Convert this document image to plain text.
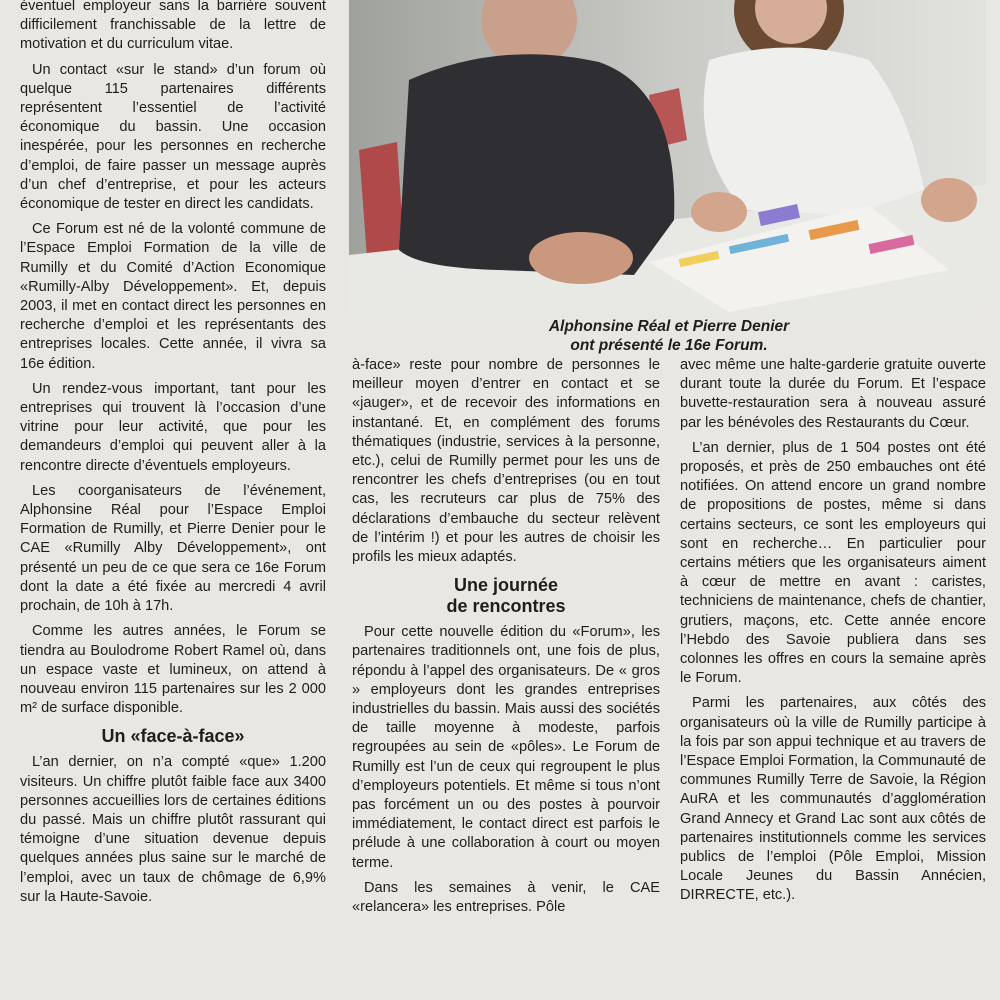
éventuel employeur sans la barrière souvent difficilement franchissable de la lettre de motivation et du curriculum vitae.

Un contact «sur le stand» d’un forum où quelque 115 partenaires différents représentent l’essentiel de l’activité économique du bassin. Une occasion inespérée, pour les personnes en recherche d’emploi, de faire passer un message auprès d’un chef d’entreprise, et pour les acteurs économique de tester en direct les candidats.

Ce Forum est né de la volonté commune de l’Espace Emploi Formation de la ville de Rumilly et du Comité d’Action Economique «Rumilly-Alby Développement». Et, depuis 2003, il met en contact direct les personnes en recherche d’emploi et les représentants des entreprises locales. Cette année, il vivra sa 16e édition.

Un rendez-vous important, tant pour les entreprises qui trouvent là l’occasion d’une vitrine pour leur activité, que pour les demandeurs d’emploi qui peuvent aller à la rencontre directe d’éventuels employeurs.

Les coorganisateurs de l’événement, Alphonsine Réal pour l’Espace Emploi Formation de Rumilly, et Pierre Denier pour le CAE «Rumilly Alby Développement», ont présenté un peu de ce que sera ce 16e Forum dont la date a été fixée au mercredi 4 avril prochain, de 10h à 17h.

Comme les autres années, le Forum se tiendra au Boulodrome Robert Ramel où, dans un espace vaste et lumineux, on attend à nouveau environ 115 partenaires sur les 2 000 m² de surface disponible.

Un «face-à-face»

L’an dernier, on n’a compté «que» 1.200 visiteurs. Un chiffre plutôt faible face aux 3400 personnes accueillies lors de certaines éditions du passé. Mais un chiffre plutôt rassurant qui témoigne d’une situation devenue depuis quelques années plus saine sur le marché de l’emploi, avec un taux de chômage de 6,9% sur la Haute-Savoie.

Alphonsine Réal et Pierre Denier
ont présenté le 16e Forum.

à-face» reste pour nombre de personnes le meilleur moyen d’entrer en contact et se «jauger», et de recevoir des informations en instantané. Et, en complément des forums thématiques (industrie, services à la personne, etc.), celui de Rumilly permet pour les uns de rencontrer les chefs d’entreprises (ou en tout cas, les recruteurs car plus de 75% des déclarations d’embauche du secteur relèvent de l’intérim !) et pour les autres de choisir les profils les mieux adaptés.

Une journée
de rencontres

Pour cette nouvelle édition du «Forum», les partenaires traditionnels ont, une fois de plus, répondu à l’appel des organisateurs. De « gros » employeurs dont les grandes entreprises industrielles du bassin. Mais aussi des sociétés de taille moyenne à modeste, parfois regroupées au sein de «pôles». Le Forum de Rumilly est l’un de ceux qui regroupent le plus d’employeurs potentiels. Et même si tous n’ont pas forcément un ou des postes à pourvoir immédiatement, le contact direct est parfois le prélude à une collaboration à court ou moyen terme.

Dans les semaines à venir, le CAE «relancera» les entreprises. Pôle

avec même une halte-garderie gratuite ouverte durant toute la durée du Forum. Et l’espace buvette-restauration sera à nouveau assuré par les bénévoles des Restaurants du Cœur.

L’an dernier, plus de 1 504 postes ont été proposés, et près de 250 embauches ont été notifiées. On attend encore un grand nombre de propositions de postes, même si dans certains secteurs, ce sont les employeurs qui sont en recherche… En particulier pour certains métiers que les organisateurs aiment à cœur de mettre en avant : caristes, techniciens de maintenance, chefs de chantier, grutiers, maçons, etc. Cette année encore l’Hebdo des Savoie publiera dans ses colonnes les offres en cours la semaine après le Forum.

Parmi les partenaires, aux côtés des organisateurs où la ville de Rumilly participe à la fois par son appui technique et au travers de l’Espace Emploi Formation, la Communauté de communes Rumilly Terre de Savoie, la Région AuRA et les communautés d’agglomération Grand Annecy et Grand Lac sont aux côtés de partenaires institutionnels comme les services publics de l’emploi (Pôle Emploi, Mission Locale Jeunes du Bassin Annécien, DIRRECTE, etc.).
